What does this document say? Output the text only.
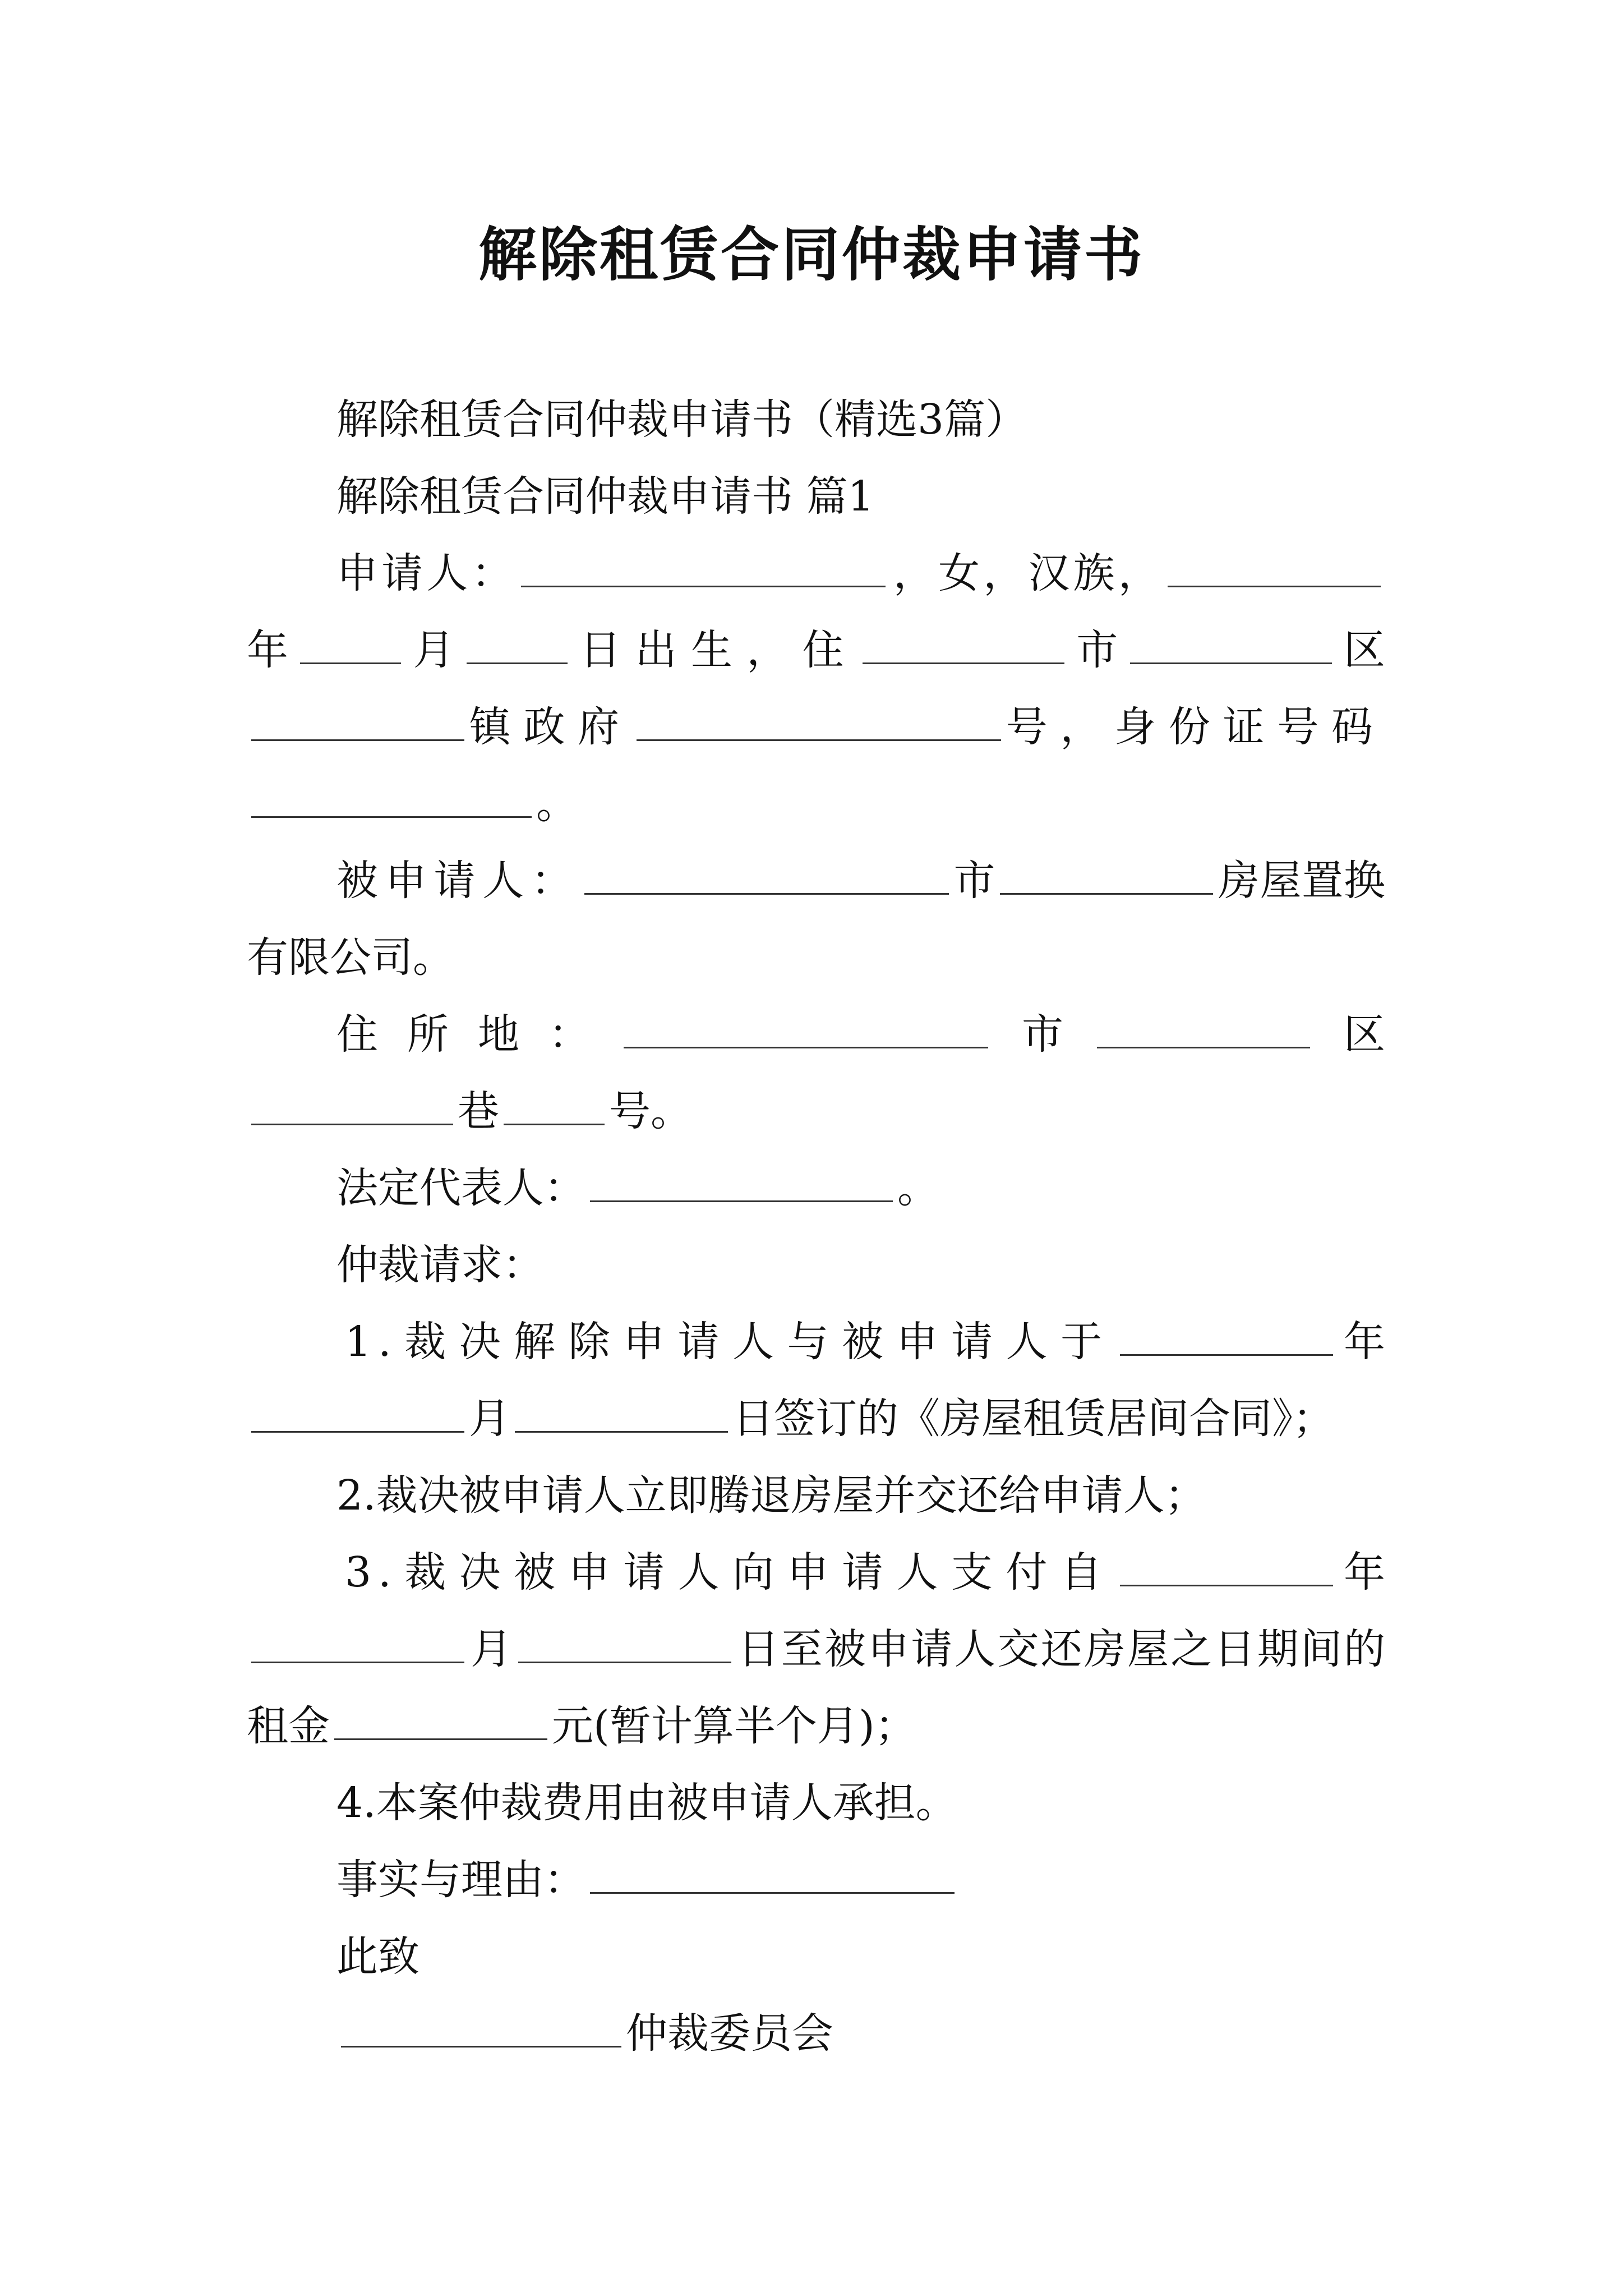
解除租赁合同仲裁申请书

解除租赁合同仲裁申请书（精选3篇）

解除租赁合同仲裁申请书 篇1

申请人：	，女，汉族，年	月	日出生，住	市	区镇政府	号，身份证号码。

被申请人：	市	房屋置换有限公司。

住所地：	市	区巷	号。

法定代表人：	。

仲裁请求：

1.裁决解除申请人与被申请人于	年月	日签订的《房屋租赁居间合同》；

2.裁决被申请人立即腾退房屋并交还给申请人；

3.裁决被申请人向申请人支付自	年月	日至被申请人交还房屋之日期间的租金	元(暂计算半个月)；

4.本案仲裁费用由被申请人承担。

事实与理由：

此致

仲裁委员会
